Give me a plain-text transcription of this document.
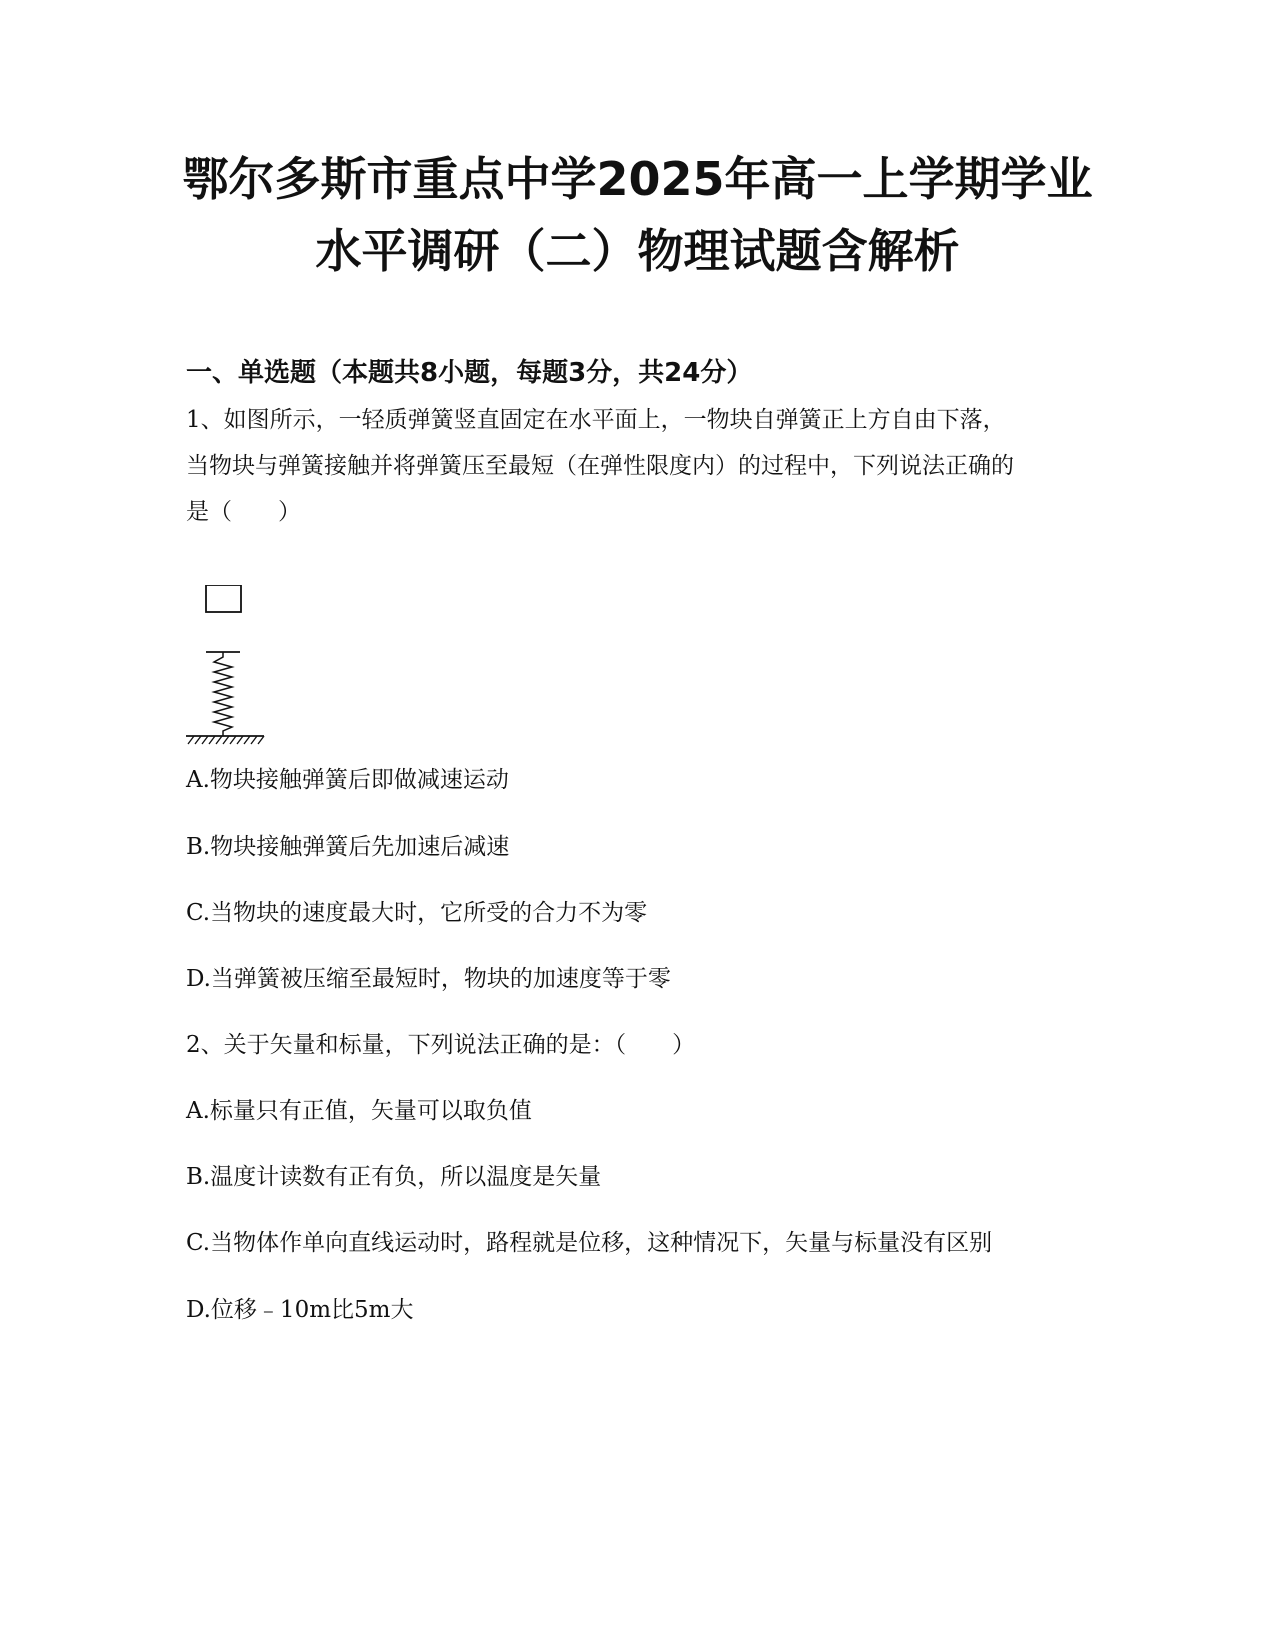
鄂尔多斯市重点中学2025年高一上学期学业
水平调研（二）物理试题含解析
一、单选题（本题共8小题，每题3分，共24分）

1、如图所示，一轻质弹簧竖直固定在水平面上，一物块自弹簧正上方自由下落，

当物块与弹簧接触并将弹簧压至最短（在弹性限度内）的过程中，下列说法正确的

是（　　）

A.物块接触弹簧后即做减速运动

B.物块接触弹簧后先加速后减速

C.当物块的速度最大时，它所受的合力不为零

D.当弹簧被压缩至最短时，物块的加速度等于零

2、关于矢量和标量，下列说法正确的是：（　　）

A.标量只有正值，矢量可以取负值

B.温度计读数有正有负，所以温度是矢量

C.当物体作单向直线运动时，路程就是位移，这种情况下，矢量与标量没有区别

D.位移﹣10m比5m大
